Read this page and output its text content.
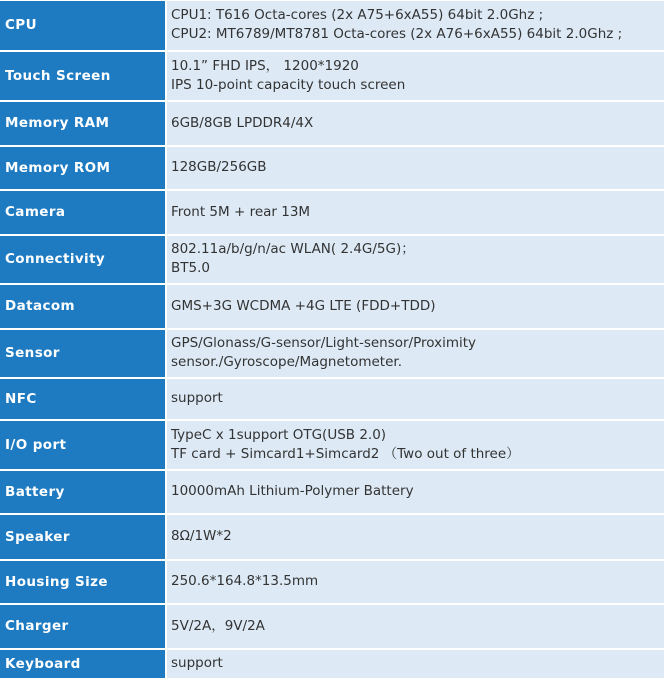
CPU	CPU1: T616 Octa-cores (2x A75+6xA55) 64bit 2.0Ghz ;
CPU2: MT6789/MT8781 Octa-cores (2x A76+6xA55) 64bit 2.0Ghz ;

Touch Screen	10.1” FHD IPS， 1200*1920
IPS 10-point capacity touch screen

Memory RAM	6GB/8GB LPDDR4/4X

Memory ROM	128GB/256GB

Camera	Front 5M + rear 13M

Connectivity	802.11a/b/g/n/ac WLAN( 2.4G/5G)；
BT5.0

Datacom	GMS+3G WCDMA +4G LTE (FDD+TDD)

Sensor	GPS/Glonass/G-sensor/Light-sensor/Proximity
sensor./Gyroscope/Magnetometer.

NFC	support

I/O port	TypeC x 1support OTG(USB 2.0)
TF card + Simcard1+Simcard2 （Two out of three）

Battery	10000mAh Lithium-Polymer Battery

Speaker	8Ω/1W*2

Housing Size	250.6*164.8*13.5mm

Charger	5V/2A，9V/2A

Keyboard	support
